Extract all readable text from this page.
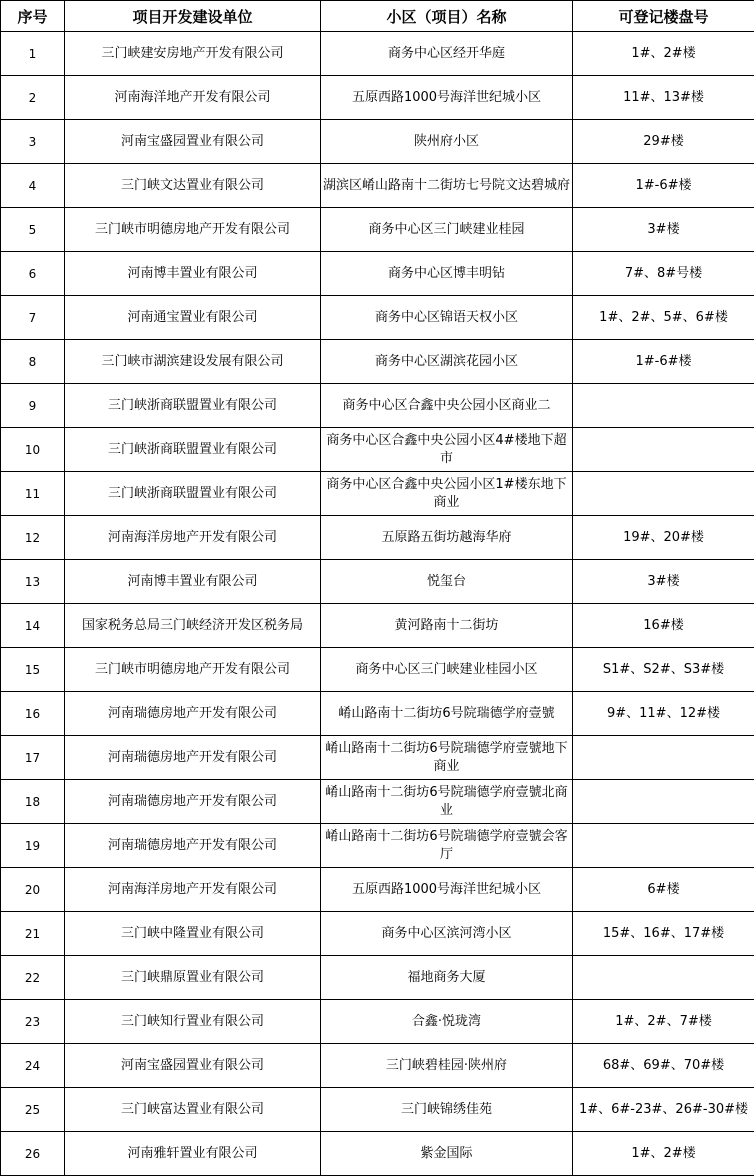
序号	项目开发建设单位	小区（项目）名称	可登记楼盘号
1	三门峡建安房地产开发有限公司	商务中心区经开华庭	1#、2#楼
2	河南海洋地产开发有限公司	五原西路1000号海洋世纪城小区	11#、13#楼
3	河南宝盛园置业有限公司	陕州府小区	29#楼
4	三门峡文达置业有限公司	湖滨区崤山路南十二街坊七号院文达碧城府	1#-6#楼
5	三门峡市明德房地产开发有限公司	商务中心区三门峡建业桂园	3#楼
6	河南博丰置业有限公司	商务中心区博丰明钻	7#、8#号楼
7	河南通宝置业有限公司	商务中心区锦语天权小区	1#、2#、5#、6#楼
8	三门峡市湖滨建设发展有限公司	商务中心区湖滨花园小区	1#-6#楼
9	三门峡浙商联盟置业有限公司	商务中心区合鑫中央公园小区商业二	
10	三门峡浙商联盟置业有限公司	商务中心区合鑫中央公园小区4#楼地下超市	
11	三门峡浙商联盟置业有限公司	商务中心区合鑫中央公园小区1#楼东地下商业	
12	河南海洋房地产开发有限公司	五原路五街坊越海华府	19#、20#楼
13	河南博丰置业有限公司	悦玺台	3#楼
14	国家税务总局三门峡经济开发区税务局	黄河路南十二街坊	16#楼
15	三门峡市明德房地产开发有限公司	商务中心区三门峡建业桂园小区	S1#、S2#、S3#楼
16	河南瑞德房地产开发有限公司	崤山路南十二街坊6号院瑞德学府壹號	9#、11#、12#楼
17	河南瑞德房地产开发有限公司	崤山路南十二街坊6号院瑞德学府壹號地下商业	
18	河南瑞德房地产开发有限公司	崤山路南十二街坊6号院瑞德学府壹號北商业	
19	河南瑞德房地产开发有限公司	崤山路南十二街坊6号院瑞德学府壹號会客厅	
20	河南海洋房地产开发有限公司	五原西路1000号海洋世纪城小区	6#楼
21	三门峡中隆置业有限公司	商务中心区滨河湾小区	15#、16#、17#楼
22	三门峡鼎原置业有限公司	福地商务大厦	
23	三门峡知行置业有限公司	合鑫·悦珑湾	1#、2#、7#楼
24	河南宝盛园置业有限公司	三门峡碧桂园·陕州府	68#、69#、70#楼
25	三门峡富达置业有限公司	三门峡锦绣佳苑	1#、6#-23#、26#-30#楼
26	河南雅轩置业有限公司	紫金国际	1#、2#楼
